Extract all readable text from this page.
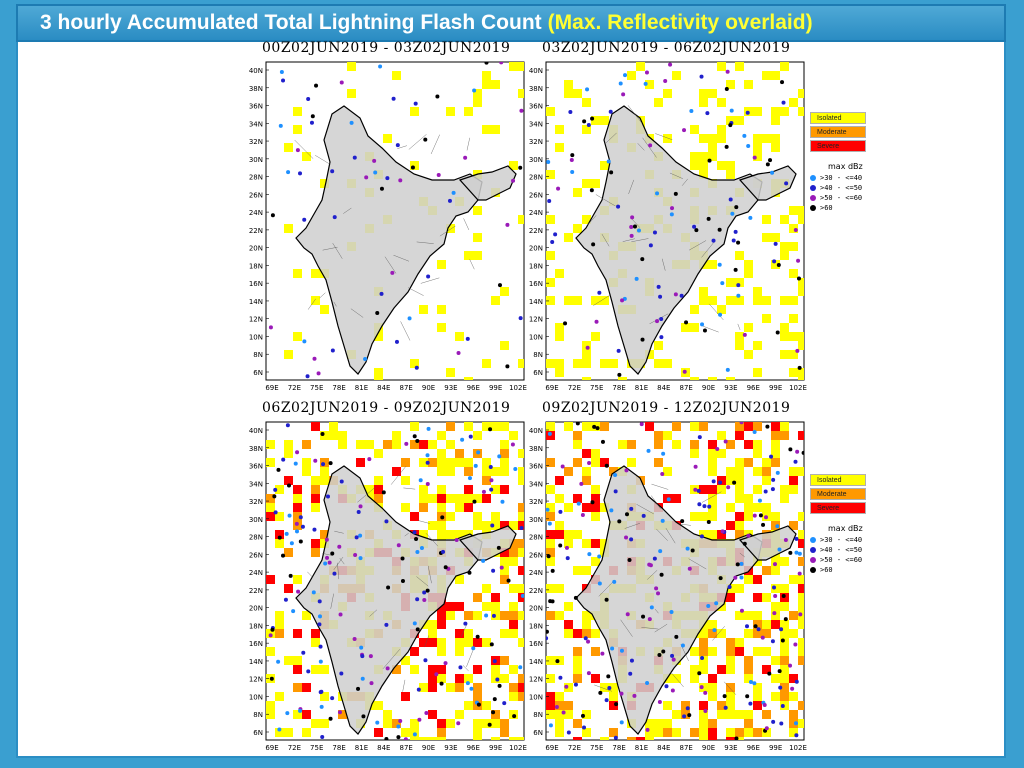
3 hourly Accumulated Total Lightning Flash Count (Max. Reflectivity overlaid)
00Z02JUN2019 - 03Z02JUN2019
40N
38N
36N
34N
32N
30N
28N
26N
24N
22N
20N
18N
16N
14N
12N
10N
8N
6N
69E 72E 75E 78E 81E 84E 87E 90E 93E 96E 99E 102E
03Z02JUN2019 - 06Z02JUN2019
40N
38N
36N
34N
32N
30N
28N
26N
24N
22N
20N
18N
16N
14N
12N
10N
8N
6N
69E 72E 75E 78E 81E 84E 87E 90E 93E 96E 99E 102E
06Z02JUN2019 - 09Z02JUN2019
40N
38N
36N
34N
32N
30N
28N
26N
24N
22N
20N
18N
16N
14N
12N
10N
8N
6N
69E 72E 75E 78E 81E 84E 87E 90E 93E 96E 99E 102E
09Z02JUN2019 - 12Z02JUN2019
40N
38N
36N
34N
32N
30N
28N
26N
24N
22N
20N
18N
16N
14N
12N
10N
8N
6N
69E 72E 75E 78E 81E 84E 87E 90E 93E 96E 99E 102E
Isolated
Moderate
Severe
max dBz
>30 - <=40
>40 - <=50
>50 - <=60
>60
Isolated
Moderate
Severe
max dBz
>30 - <=40
>40 - <=50
>50 - <=60
>60
